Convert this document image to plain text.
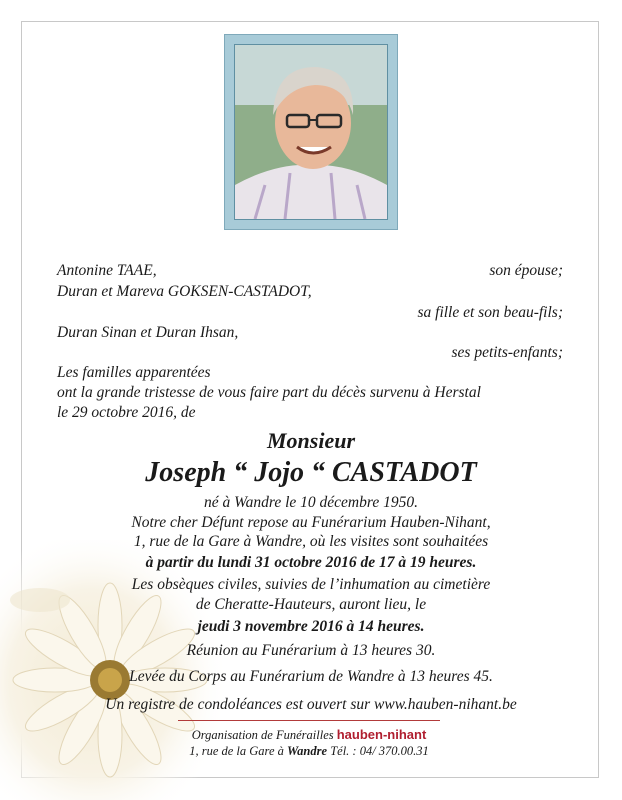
Antonine TAAE,	son épouse;
Duran et Mareva GOKSEN-CASTADOT,
sa fille et son beau-fils;
Duran Sinan et Duran Ihsan,
ses petits-enfants;
Les familles apparentées
ont la grande tristesse de vous faire part du décès survenu à Herstal
le 29 octobre 2016, de
Monsieur
Joseph “ Jojo “ CASTADOT
né à Wandre le 10 décembre 1950.
Notre cher Défunt repose au Funérarium Hauben-Nihant,
1, rue de la Gare à Wandre, où les visites sont souhaitées
à partir du lundi 31 octobre 2016 de 17 à 19 heures.
Les obsèques civiles, suivies de l’inhumation au cimetière
de Cheratte-Hauteurs, auront lieu, le
jeudi 3 novembre 2016 à 14 heures.
Réunion au Funérarium à 13 heures 30.
Levée du Corps au Funérarium de Wandre à 13 heures 45.
Un registre de condoléances est ouvert sur www.hauben-nihant.be
Organisation de Funérailles hauben-nihant
1, rue de la Gare à Wandre Tél. : 04/ 370.00.31
